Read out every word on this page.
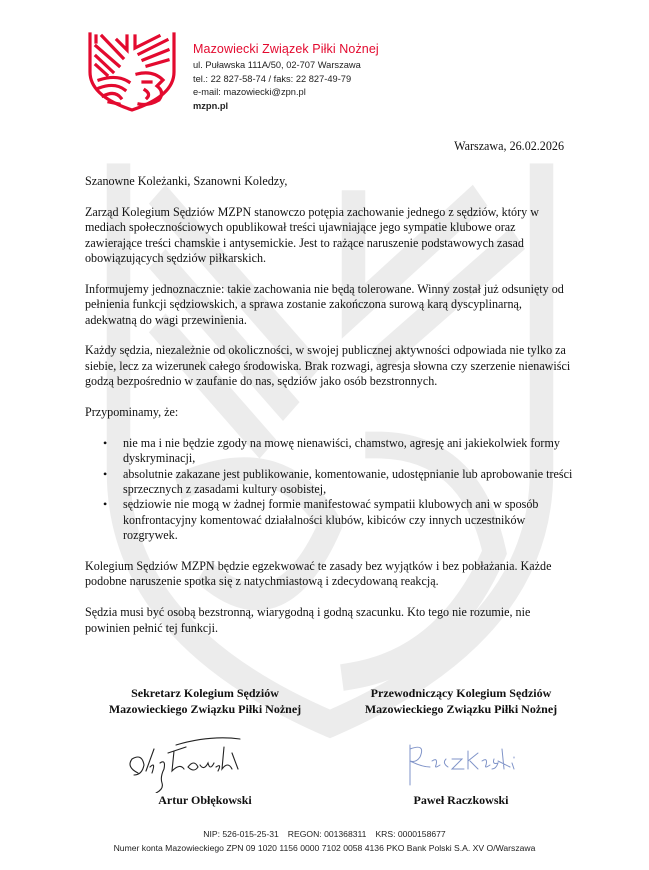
Mazowiecki Związek Piłki Nożnej
ul. Puławska 111A/50, 02-707 Warszawa
tel.: 22 827-58-74 / faks: 22 827-49-79
e-mail: mazowiecki@zpn.pl
mzpn.pl
Warszawa, 26.02.2026

Szanowne Koleżanki, Szanowni Koledzy,

Zarząd Kolegium Sędziów MZPN stanowczo potępia zachowanie jednego z sędziów, który w mediach społecznościowych opublikował treści ujawniające jego sympatie klubowe oraz zawierające treści chamskie i antysemickie. Jest to rażące naruszenie podstawowych zasad obowiązujących sędziów piłkarskich.

Informujemy jednoznacznie: takie zachowania nie będą tolerowane. Winny został już odsunięty od pełnienia funkcji sędziowskich, a sprawa zostanie zakończona surową karą dyscyplinarną, adekwatną do wagi przewinienia.

Każdy sędzia, niezależnie od okoliczności, w swojej publicznej aktywności odpowiada nie tylko za siebie, lecz za wizerunek całego środowiska. Brak rozwagi, agresja słowna czy szerzenie nienawiści godzą bezpośrednio w zaufanie do nas, sędziów jako osób bezstronnych.

Przypominamy, że:

• nie ma i nie będzie zgody na mowę nienawiści, chamstwo, agresję ani jakiekolwiek formy dyskryminacji,
• absolutnie zakazane jest publikowanie, komentowanie, udostępnianie lub aprobowanie treści sprzecznych z zasadami kultury osobistej,
• sędziowie nie mogą w żadnej formie manifestować sympatii klubowych ani w sposób konfrontacyjny komentować działalności klubów, kibiców czy innych uczestników rozgrywek.

Kolegium Sędziów MZPN będzie egzekwować te zasady bez wyjątków i bez pobłażania. Każde podobne naruszenie spotka się z natychmiastową i zdecydowaną reakcją.

Sędzia musi być osobą bezstronną, wiarygodną i godną szacunku. Kto tego nie rozumie, nie powinien pełnić tej funkcji.

Sekretarz Kolegium Sędziów
Mazowieckiego Związku Piłki Nożnej
Artur Obłękowski
Przewodniczący Kolegium Sędziów
Mazowieckiego Związku Piłki Nożnej
Paweł Raczkowski
NIP: 526-015-25-31 REGON: 001368311 KRS: 0000158677
Numer konta Mazowieckiego ZPN 09 1020 1156 0000 7102 0058 4136 PKO Bank Polski S.A. XV O/Warszawa
